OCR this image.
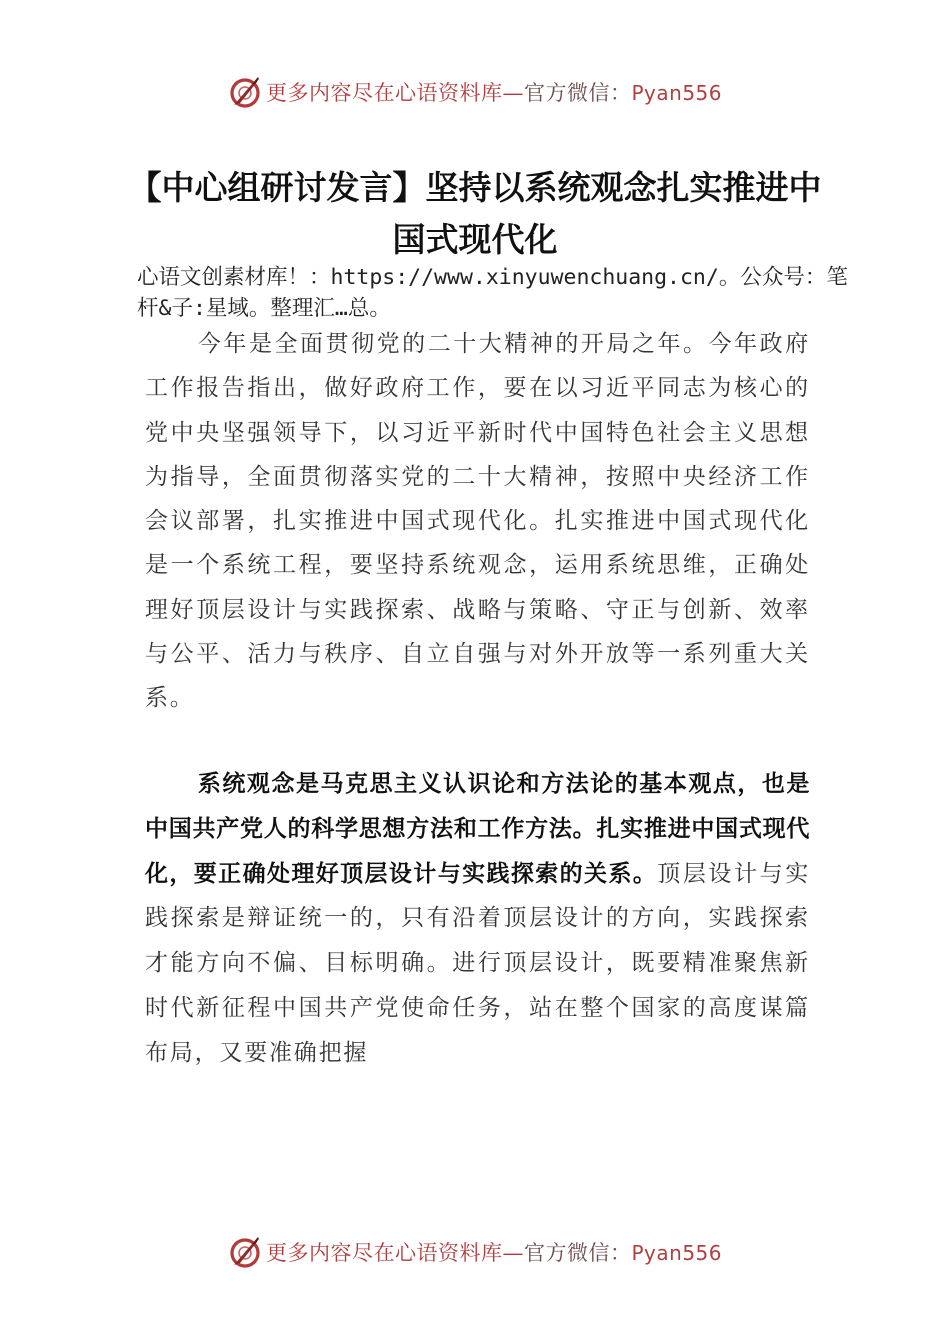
更多内容尽在心语资料库—官方微信：Pyan556
【中心组研讨发言】坚持以系统观念扎实推进中国式现代化

心语文创素材库！：https://www.xinyuwenchuang.cn/。公众号：笔杆&子:星域。整理汇…总。

今年是全面贯彻党的二十大精神的开局之年。今年政府工作报告指出，做好政府工作，要在以习近平同志为核心的党中央坚强领导下，以习近平新时代中国特色社会主义思想为指导，全面贯彻落实党的二十大精神，按照中央经济工作会议部署，扎实推进中国式现代化。扎实推进中国式现代化是一个系统工程，要坚持系统观念，运用系统思维，正确处理好顶层设计与实践探索、战略与策略、守正与创新、效率与公平、活力与秩序、自立自强与对外开放等一系列重大关系。

系统观念是马克思主义认识论和方法论的基本观点，也是中国共产党人的科学思想方法和工作方法。扎实推进中国式现代化，要正确处理好顶层设计与实践探索的关系。顶层设计与实践探索是辩证统一的，只有沿着顶层设计的方向，实践探索才能方向不偏、目标明确。进行顶层设计，既要精准聚焦新时代新征程中国共产党使命任务，站在整个国家的高度谋篇布局，又要准确把握

更多内容尽在心语资料库—官方微信：Pyan556
